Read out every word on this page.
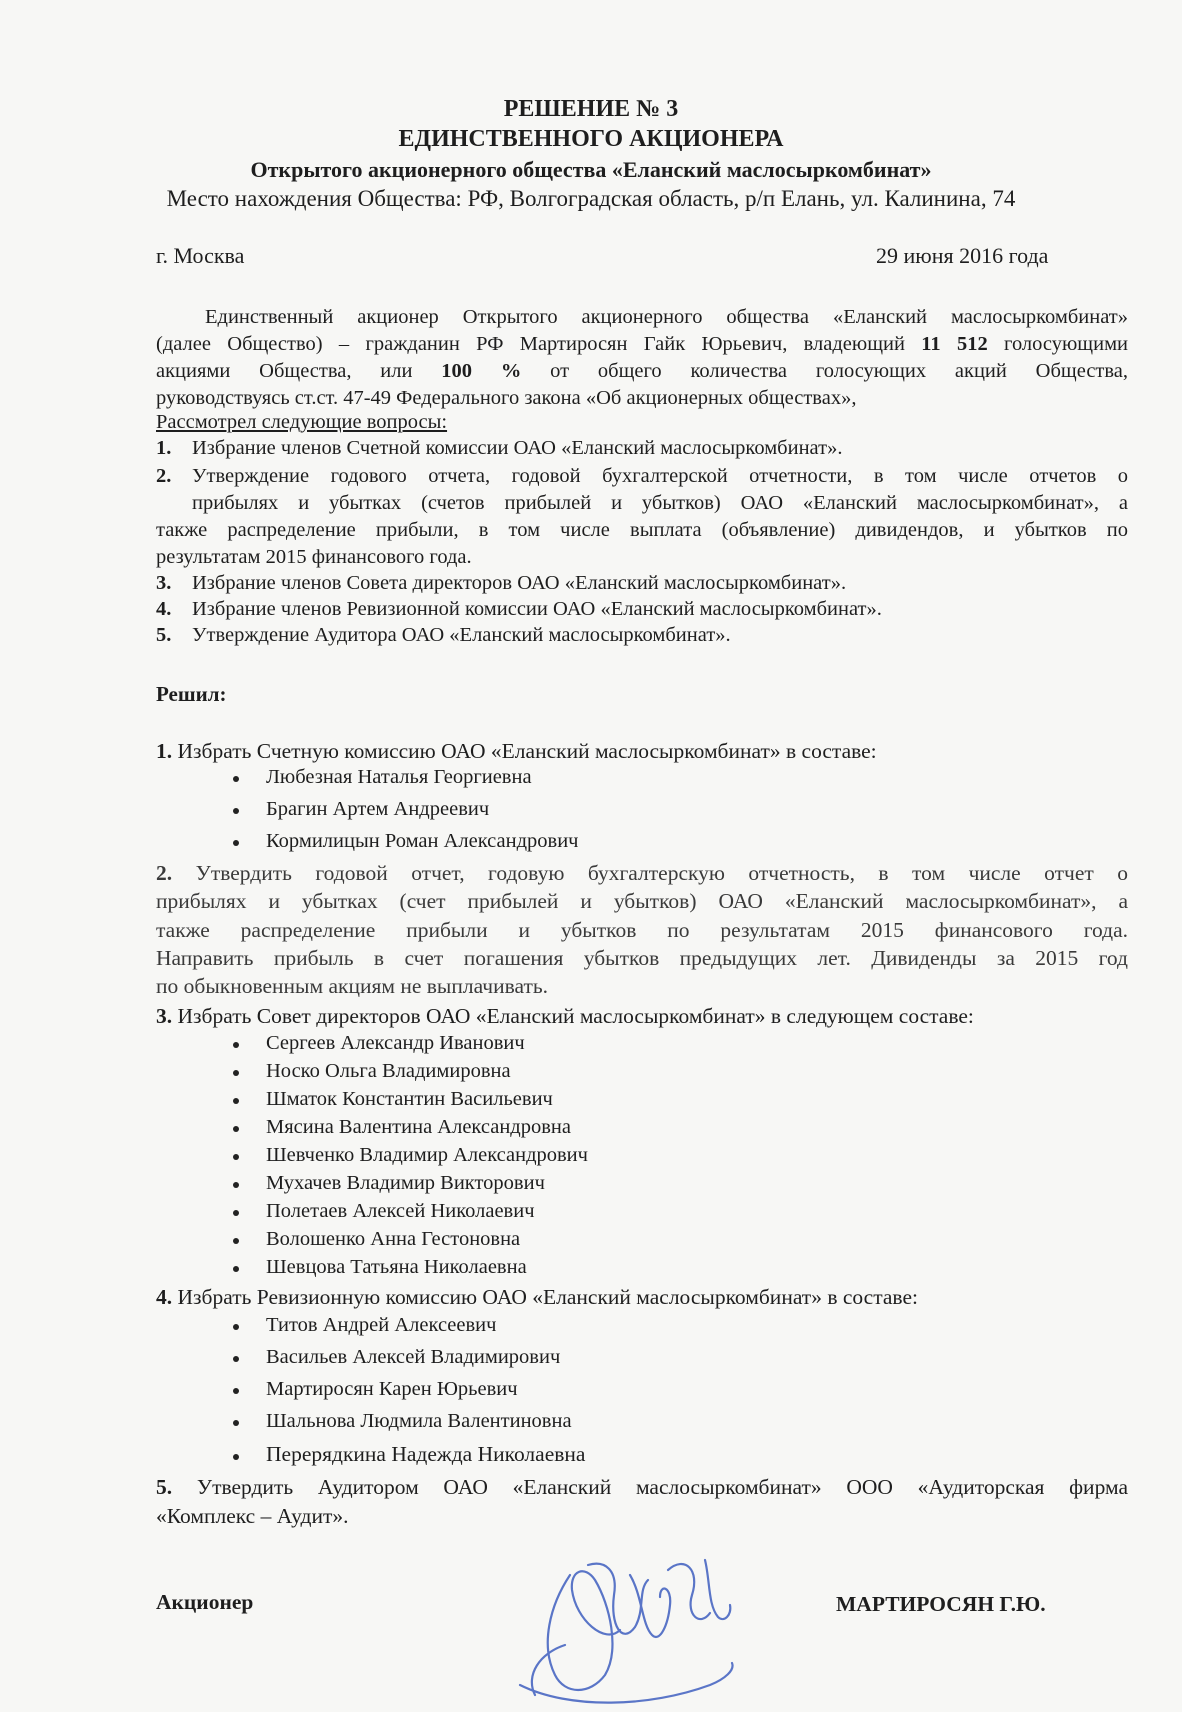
РЕШЕНИЕ № 3
ЕДИНСТВЕННОГО АКЦИОНЕРА
Открытого акционерного общества «Еланский маслосыркомбинат»
Место нахождения Общества: РФ, Волгоградская область, р/п Елань, ул. Калинина, 74
г. Москва	29 июня 2016 года
Единственный акционер Открытого акционерного общества «Еланский маслосыркомбинат»
(далее Общество) – гражданин РФ Мартиросян Гайк Юрьевич, владеющий 11 512 голосующими
акциями Общества, или 100 % от общего количества голосующих акций Общества,
руководствуясь ст.ст. 47-49 Федерального закона «Об акционерных обществах»,
Рассмотрел следующие вопросы:
1. Избрание членов Счетной комиссии ОАО «Еланский маслосыркомбинат».
2. Утверждение годового отчета, годовой бухгалтерской отчетности, в том числе отчетов о
прибылях и убытках (счетов прибылей и убытков) ОАО «Еланский маслосыркомбинат», а
также распределение прибыли, в том числе выплата (объявление) дивидендов, и убытков по
результатам 2015 финансового года.
3. Избрание членов Совета директоров ОАО «Еланский маслосыркомбинат».
4. Избрание членов Ревизионной комиссии ОАО «Еланский маслосыркомбинат».
5. Утверждение Аудитора ОАО «Еланский маслосыркомбинат».
Решил:
1. Избрать Счетную комиссию ОАО «Еланский маслосыркомбинат» в составе:
Любезная Наталья Георгиевна
Брагин Артем Андреевич
Кормилицын Роман Александрович
2. Утвердить годовой отчет, годовую бухгалтерскую отчетность, в том числе отчет о
прибылях и убытках (счет прибылей и убытков) ОАО «Еланский маслосыркомбинат», а
также распределение прибыли и убытков по результатам 2015 финансового года.
Направить прибыль в счет погашения убытков предыдущих лет. Дивиденды за 2015 год
по обыкновенным акциям не выплачивать.
3. Избрать Совет директоров ОАО «Еланский маслосыркомбинат» в следующем составе:
Сергеев Александр Иванович
Носко Ольга Владимировна
Шматок Константин Васильевич
Мясина Валентина Александровна
Шевченко Владимир Александрович
Мухачев Владимир Викторович
Полетаев Алексей Николаевич
Волошенко Анна Гестоновна
Шевцова Татьяна Николаевна
4. Избрать Ревизионную комиссию ОАО «Еланский маслосыркомбинат» в составе:
Титов Андрей Алексеевич
Васильев Алексей Владимирович
Мартиросян Карен Юрьевич
Шальнова Людмила Валентиновна
Перерядкина Надежда Николаевна
5. Утвердить Аудитором ОАО «Еланский маслосыркомбинат» ООО «Аудиторская фирма
«Комплекс – Аудит».
Акционер	МАРТИРОСЯН Г.Ю.
